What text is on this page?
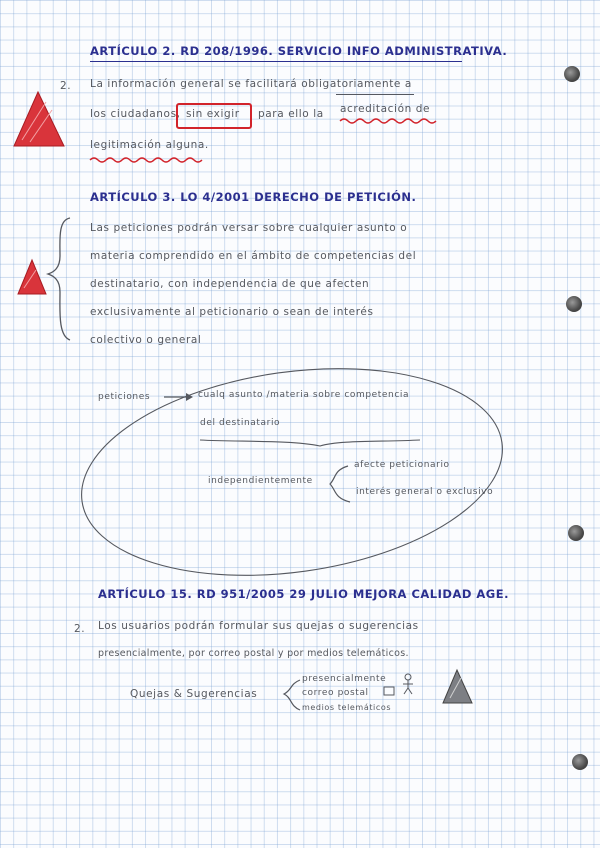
ARTÍCULO 2. RD 208/1996. SERVICIO INFO ADMINISTRATIVA.
2. La información general se facilitará obligatoriamente a
los ciudadanos, sin exigir para ello la acreditación de
legitimación alguna.
ARTÍCULO 3. LO 4/2001 DERECHO DE PETICIÓN.
Las peticiones podrán versar sobre cualquier asunto o
materia comprendido en el ámbito de competencias del
destinatario, con independencia de que afecten
exclusivamente al peticionario o sean de interés
colectivo o general
peticiones	cualq asunto /materia sobre competencia
del destinatario
independientemente
afecte peticionario
interés general o exclusivo
ARTÍCULO 15. RD 951/2005 29 JULIO MEJORA CALIDAD AGE.
2. Los usuarios podrán formular sus quejas o sugerencias
presencialmente, por correo postal y por medios telemáticos.
Quejas & Sugerencias
presencialmente
correo postal
medios telemáticos
